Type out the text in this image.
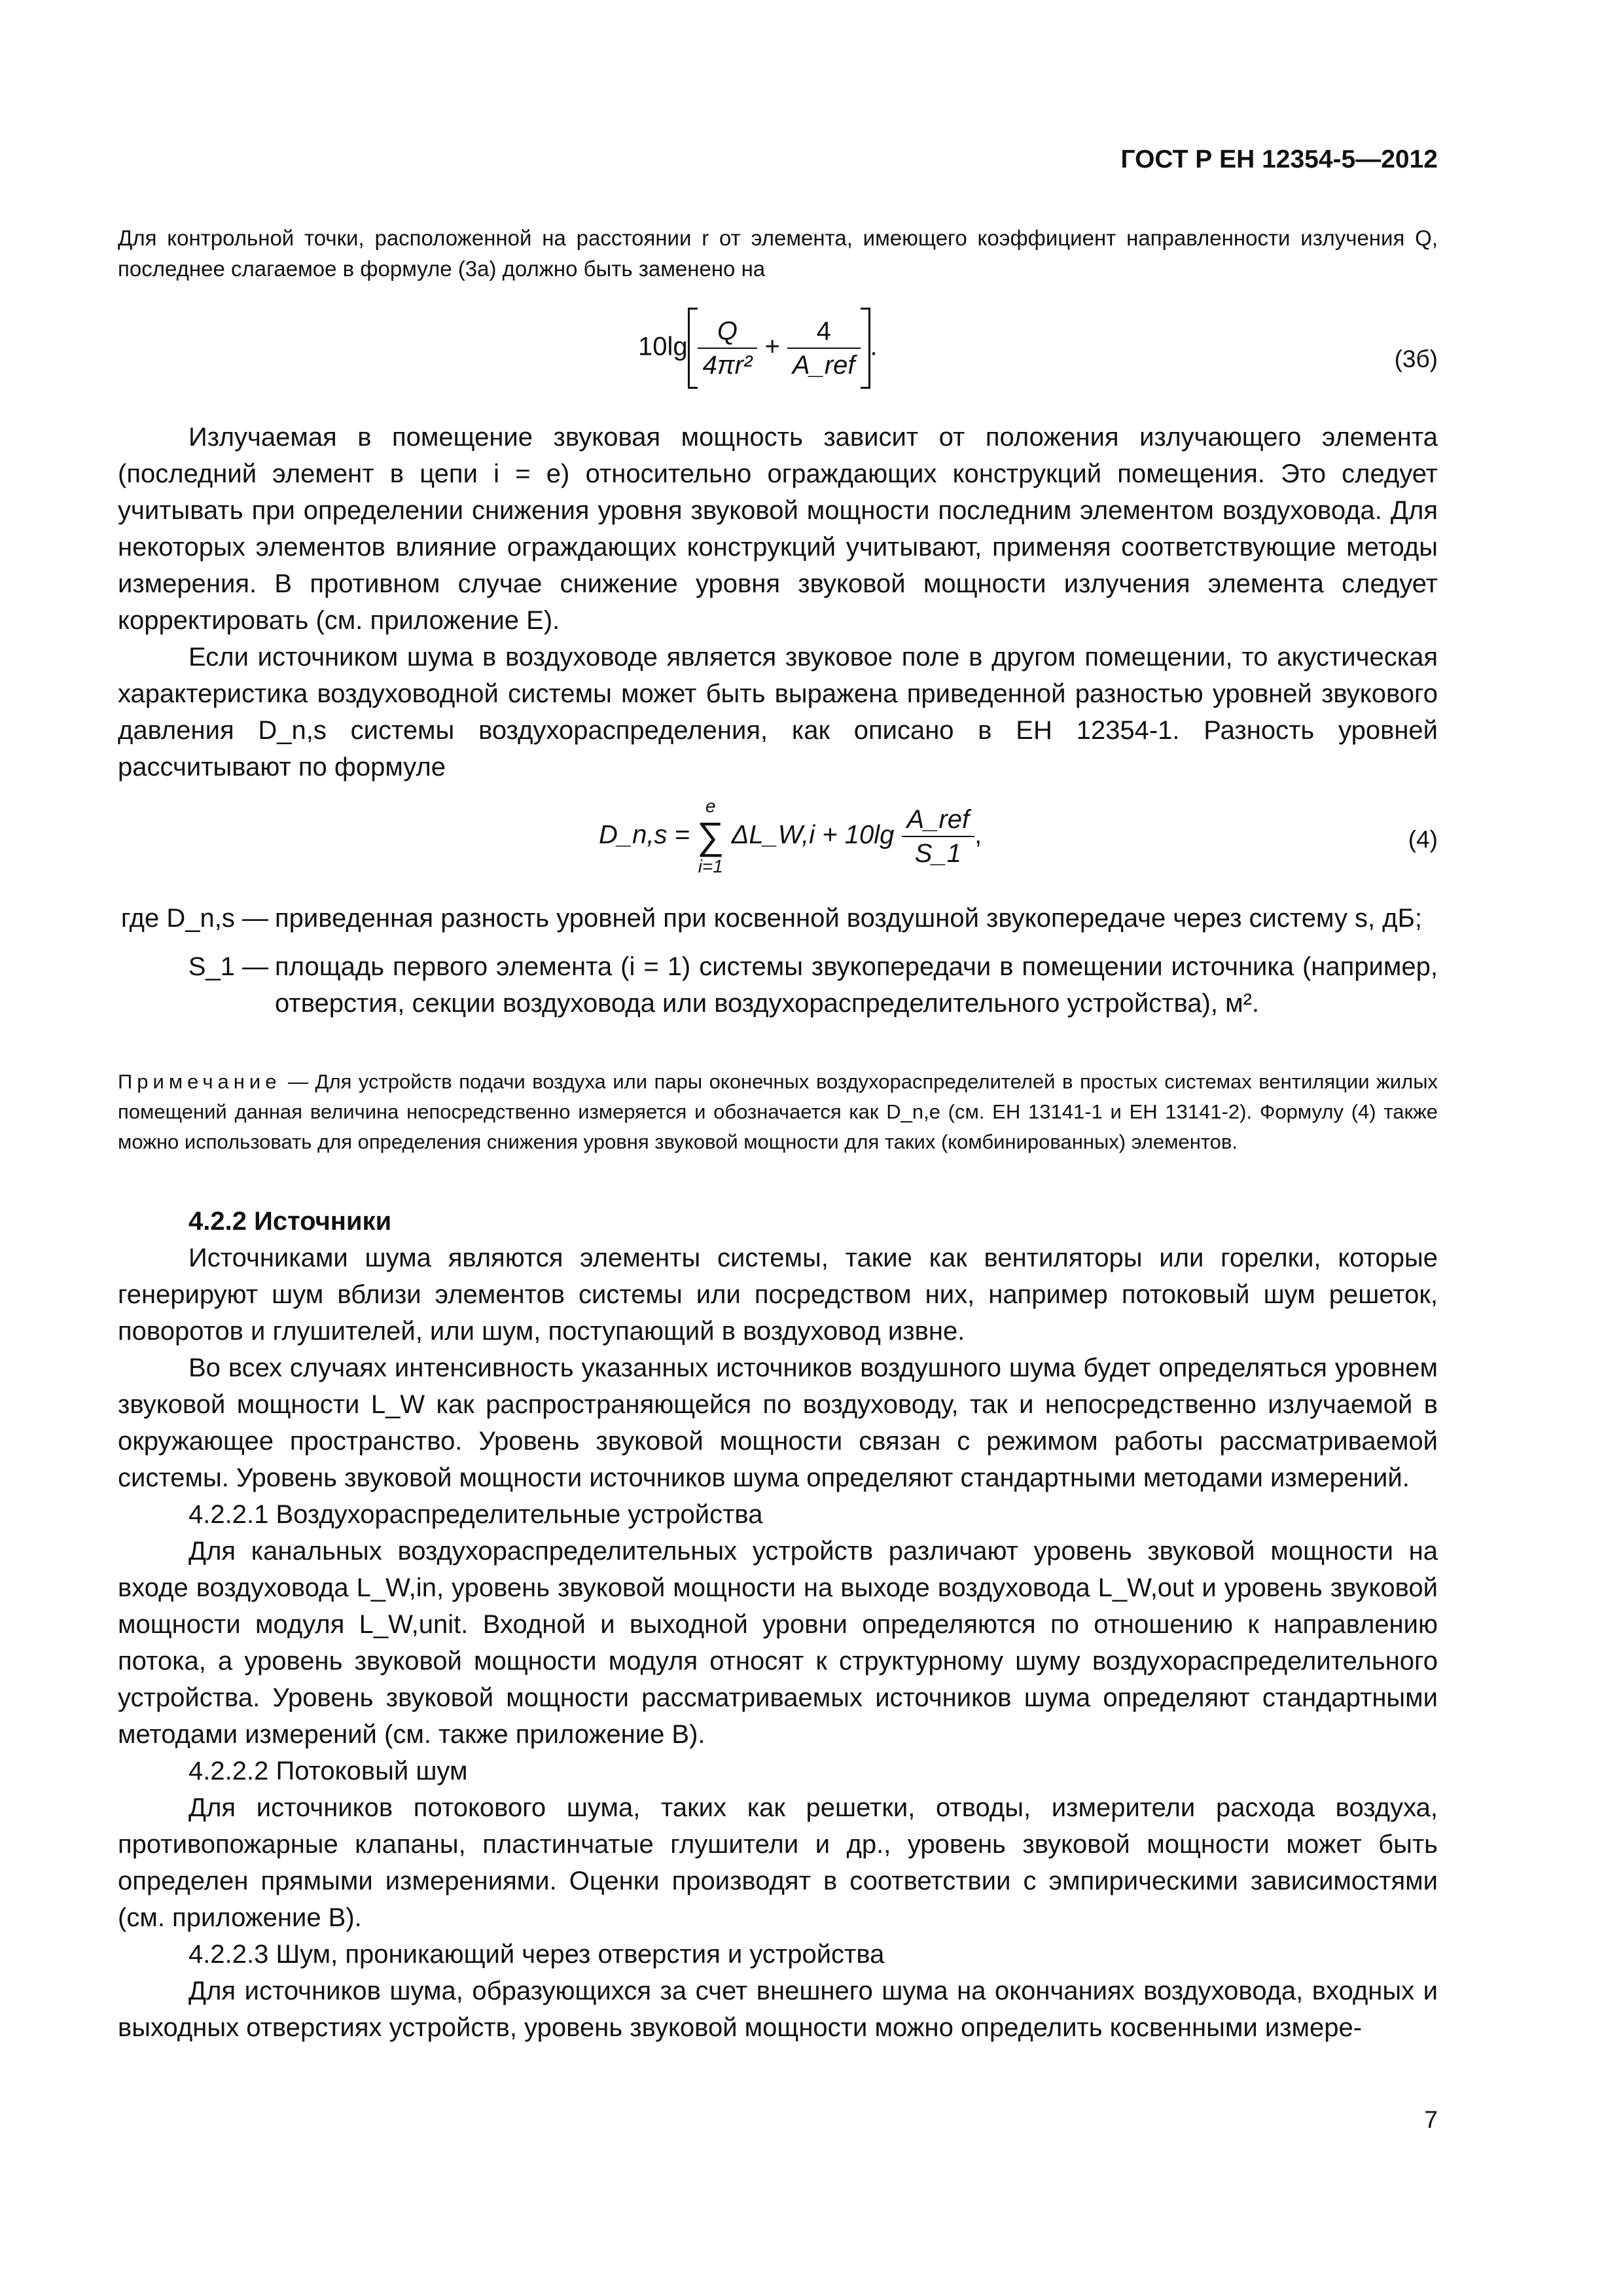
ГОСТ Р ЕН 12354-5—2012
Для контрольной точки, расположенной на расстоянии r от элемента, имеющего коэффициент направленности излучения Q, последнее слагаемое в формуле (3а) должно быть заменено на
$10\lg \frac{Q}{\text{4πr²}} + \frac{4}{\text{A\_ref}}$ .	(3б)

Излучаемая в помещение звуковая мощность зависит от положения излучающего элемента (последний элемент в цепи i = e) относительно ограждающих конструкций помещения. Это следует учитывать при определении снижения уровня звуковой мощности последним элементом воздуховода. Для некоторых элементов влияние ограждающих конструкций учитывают, применяя соответствующие методы измерения. В противном случае снижение уровня звуковой мощности излучения элемента следует корректировать (см. приложение Е).

Если источником шума в воздуховоде является звуковое поле в другом помещении, то акустическая характеристика воздуховодной системы может быть выражена приведенной разностью уровней звукового давления D_n,s системы воздухораспределения, как описано в ЕН 12354-1. Разность уровней рассчитывают по формуле

D_n,s =
e
∑
i=1
ΔL_W,i + $10\lg \frac{\text{A\_ref}}{S\_1}$ ,	(4)
где D_n,s — приведенная разность уровней при косвенной воздушной звукопередаче через систему s, дБ;
S_1 — площадь первого элемента (i = 1) системы звукопередачи в помещении источника (например, отверстия, секции воздуховода или воздухораспределительного устройства), м².
Примечание — Для устройств подачи воздуха или пары оконечных воздухораспределителей в простых системах вентиляции жилых помещений данная величина непосредственно измеряется и обозначается как D_n,e (см. ЕН 13141-1 и ЕН 13141-2). Формулу (4) также можно использовать для определения снижения уровня звуковой мощности для таких (комбинированных) элементов.

4.2.2 Источники

Источниками шума являются элементы системы, такие как вентиляторы или горелки, которые генерируют шум вблизи элементов системы или посредством них, например потоковый шум решеток, поворотов и глушителей, или шум, поступающий в воздуховод извне.

Во всех случаях интенсивность указанных источников воздушного шума будет определяться уровнем звуковой мощности L_W как распространяющейся по воздуховоду, так и непосредственно излучаемой в окружающее пространство. Уровень звуковой мощности связан с режимом работы рассматриваемой системы. Уровень звуковой мощности источников шума определяют стандартными методами измерений.

4.2.2.1 Воздухораспределительные устройства

Для канальных воздухораспределительных устройств различают уровень звуковой мощности на входе воздуховода L_W,in, уровень звуковой мощности на выходе воздуховода L_W,out и уровень звуковой мощности модуля L_W,unit. Входной и выходной уровни определяются по отношению к направлению потока, а уровень звуковой мощности модуля относят к структурному шуму воздухораспределительного устройства. Уровень звуковой мощности рассматриваемых источников шума определяют стандартными методами измерений (см. также приложение В).

4.2.2.2 Потоковый шум

Для источников потокового шума, таких как решетки, отводы, измерители расхода воздуха, противопожарные клапаны, пластинчатые глушители и др., уровень звуковой мощности может быть определен прямыми измерениями. Оценки производят в соответствии с эмпирическими зависимостями (см. приложение В).

4.2.2.3 Шум, проникающий через отверстия и устройства

Для источников шума, образующихся за счет внешнего шума на окончаниях воздуховода, входных и выходных отверстиях устройств, уровень звуковой мощности можно определить косвенными измере-

7
